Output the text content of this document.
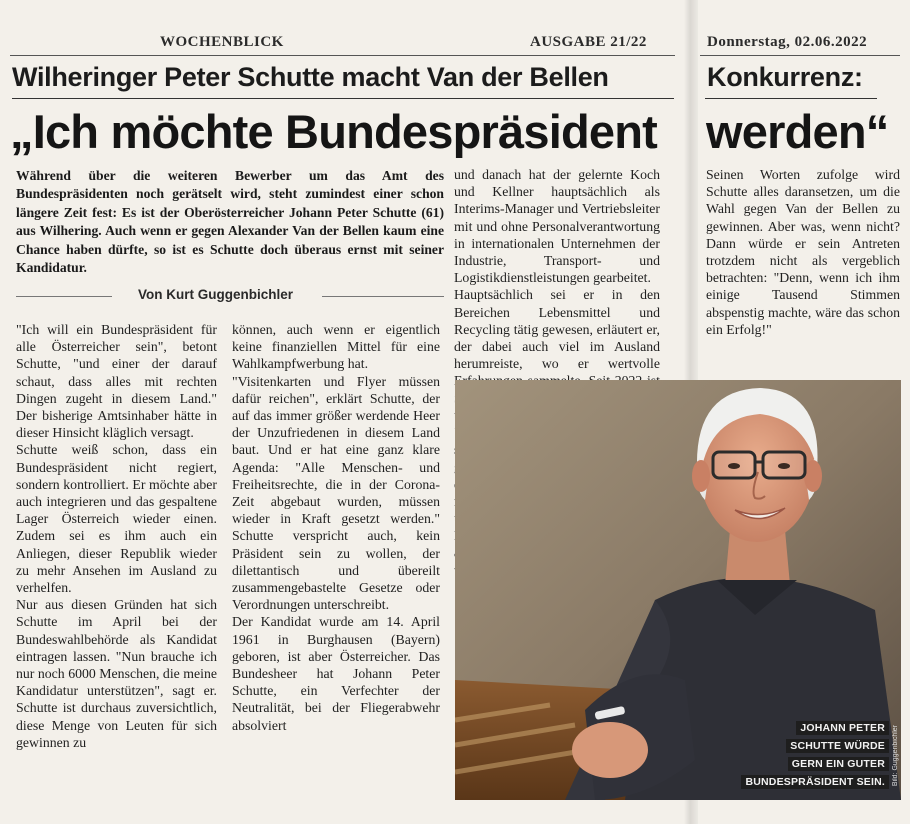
WOCHENBLICK	AUSGABE 21/22	Donnerstag, 02.06.2022
Wilheringer Peter Schutte macht Van der Bellen	Konkurrenz:
„Ich möchte Bundespräsident werden“
Während über die weiteren Bewerber um das Amt des Bundespräsidenten noch gerätselt wird, steht zumindest einer schon längere Zeit fest: Es ist der Oberösterreicher Johann Peter Schutte (61) aus Wilhering. Auch wenn er gegen Alexander Van der Bellen kaum eine Chance haben dürfte, so ist es Schutte doch überaus ernst mit seiner Kandidatur.
Von Kurt Guggenbichler

"Ich will ein Bundespräsident für alle Österreicher sein", betont Schutte, "und einer der darauf schaut, dass alles mit rechten Dingen zugeht in diesem Land." Der bisherige Amtsinhaber hätte in dieser Hinsicht kläglich versagt.

Schutte weiß schon, dass ein Bundespräsident nicht regiert, sondern kontrolliert. Er möchte aber auch integrieren und das gespaltene Lager Österreich wieder einen. Zudem sei es ihm auch ein Anliegen, dieser Republik wieder zu mehr Ansehen im Ausland zu verhelfen.

Nur aus diesen Gründen hat sich Schutte im April bei der Bundeswahlbehörde als Kandidat eintragen lassen. "Nun brauche ich nur noch 6000 Menschen, die meine Kandidatur unterstützen", sagt er. Schutte ist durchaus zuversichtlich, diese Menge von Leuten für sich gewinnen zu

können, auch wenn er eigentlich keine finanziellen Mittel für eine Wahlkampfwerbung hat.

"Visitenkarten und Flyer müssen dafür reichen", erklärt Schutte, der auf das immer größer werdende Heer der Unzufriedenen in diesem Land baut. Und er hat eine ganz klare Agenda: "Alle Menschen- und Freiheitsrechte, die in der Corona-Zeit abgebaut wurden, müssen wieder in Kraft gesetzt werden." Schutte verspricht auch, kein Präsident sein zu wollen, der dilettantisch und übereilt zusammengebastelte Gesetze oder Verordnungen unterschreibt.

Der Kandidat wurde am 14. April 1961 in Burghausen (Bayern) geboren, ist aber Österreicher. Das Bundesheer hat Johann Peter Schutte, ein Verfechter der Neutralität, bei der Fliegerabwehr absolviert

und danach hat der gelernte Koch und Kellner hauptsächlich als Interims-Manager und Vertriebsleiter mit und ohne Personalverantwortung in internationalen Unternehmen der Industrie, Transport- und Logistikdienstleistungen gearbeitet.

Hauptsächlich sei er in den Bereichen Lebensmittel und Recycling tätig gewesen, erläutert er, der dabei auch viel im Ausland herumreiste, wo er wertvolle

Seinen Worten zufolge wird Schutte alles daransetzen, um die Wahl gegen Van der Bellen zu gewinnen. Aber was, wenn nicht? Dann würde er sein Antreten trotzdem nicht als vergeblich betrachten: "Denn, wenn ich ihm einige Tausend Stimmen abspenstig machte, wäre das schon ein Erfolg!"

JOHANN PETER
SCHUTTE WÜRDE
GERN EIN GUTER
BUNDESPRÄSIDENT SEIN.	Bild: Guggenbichler
